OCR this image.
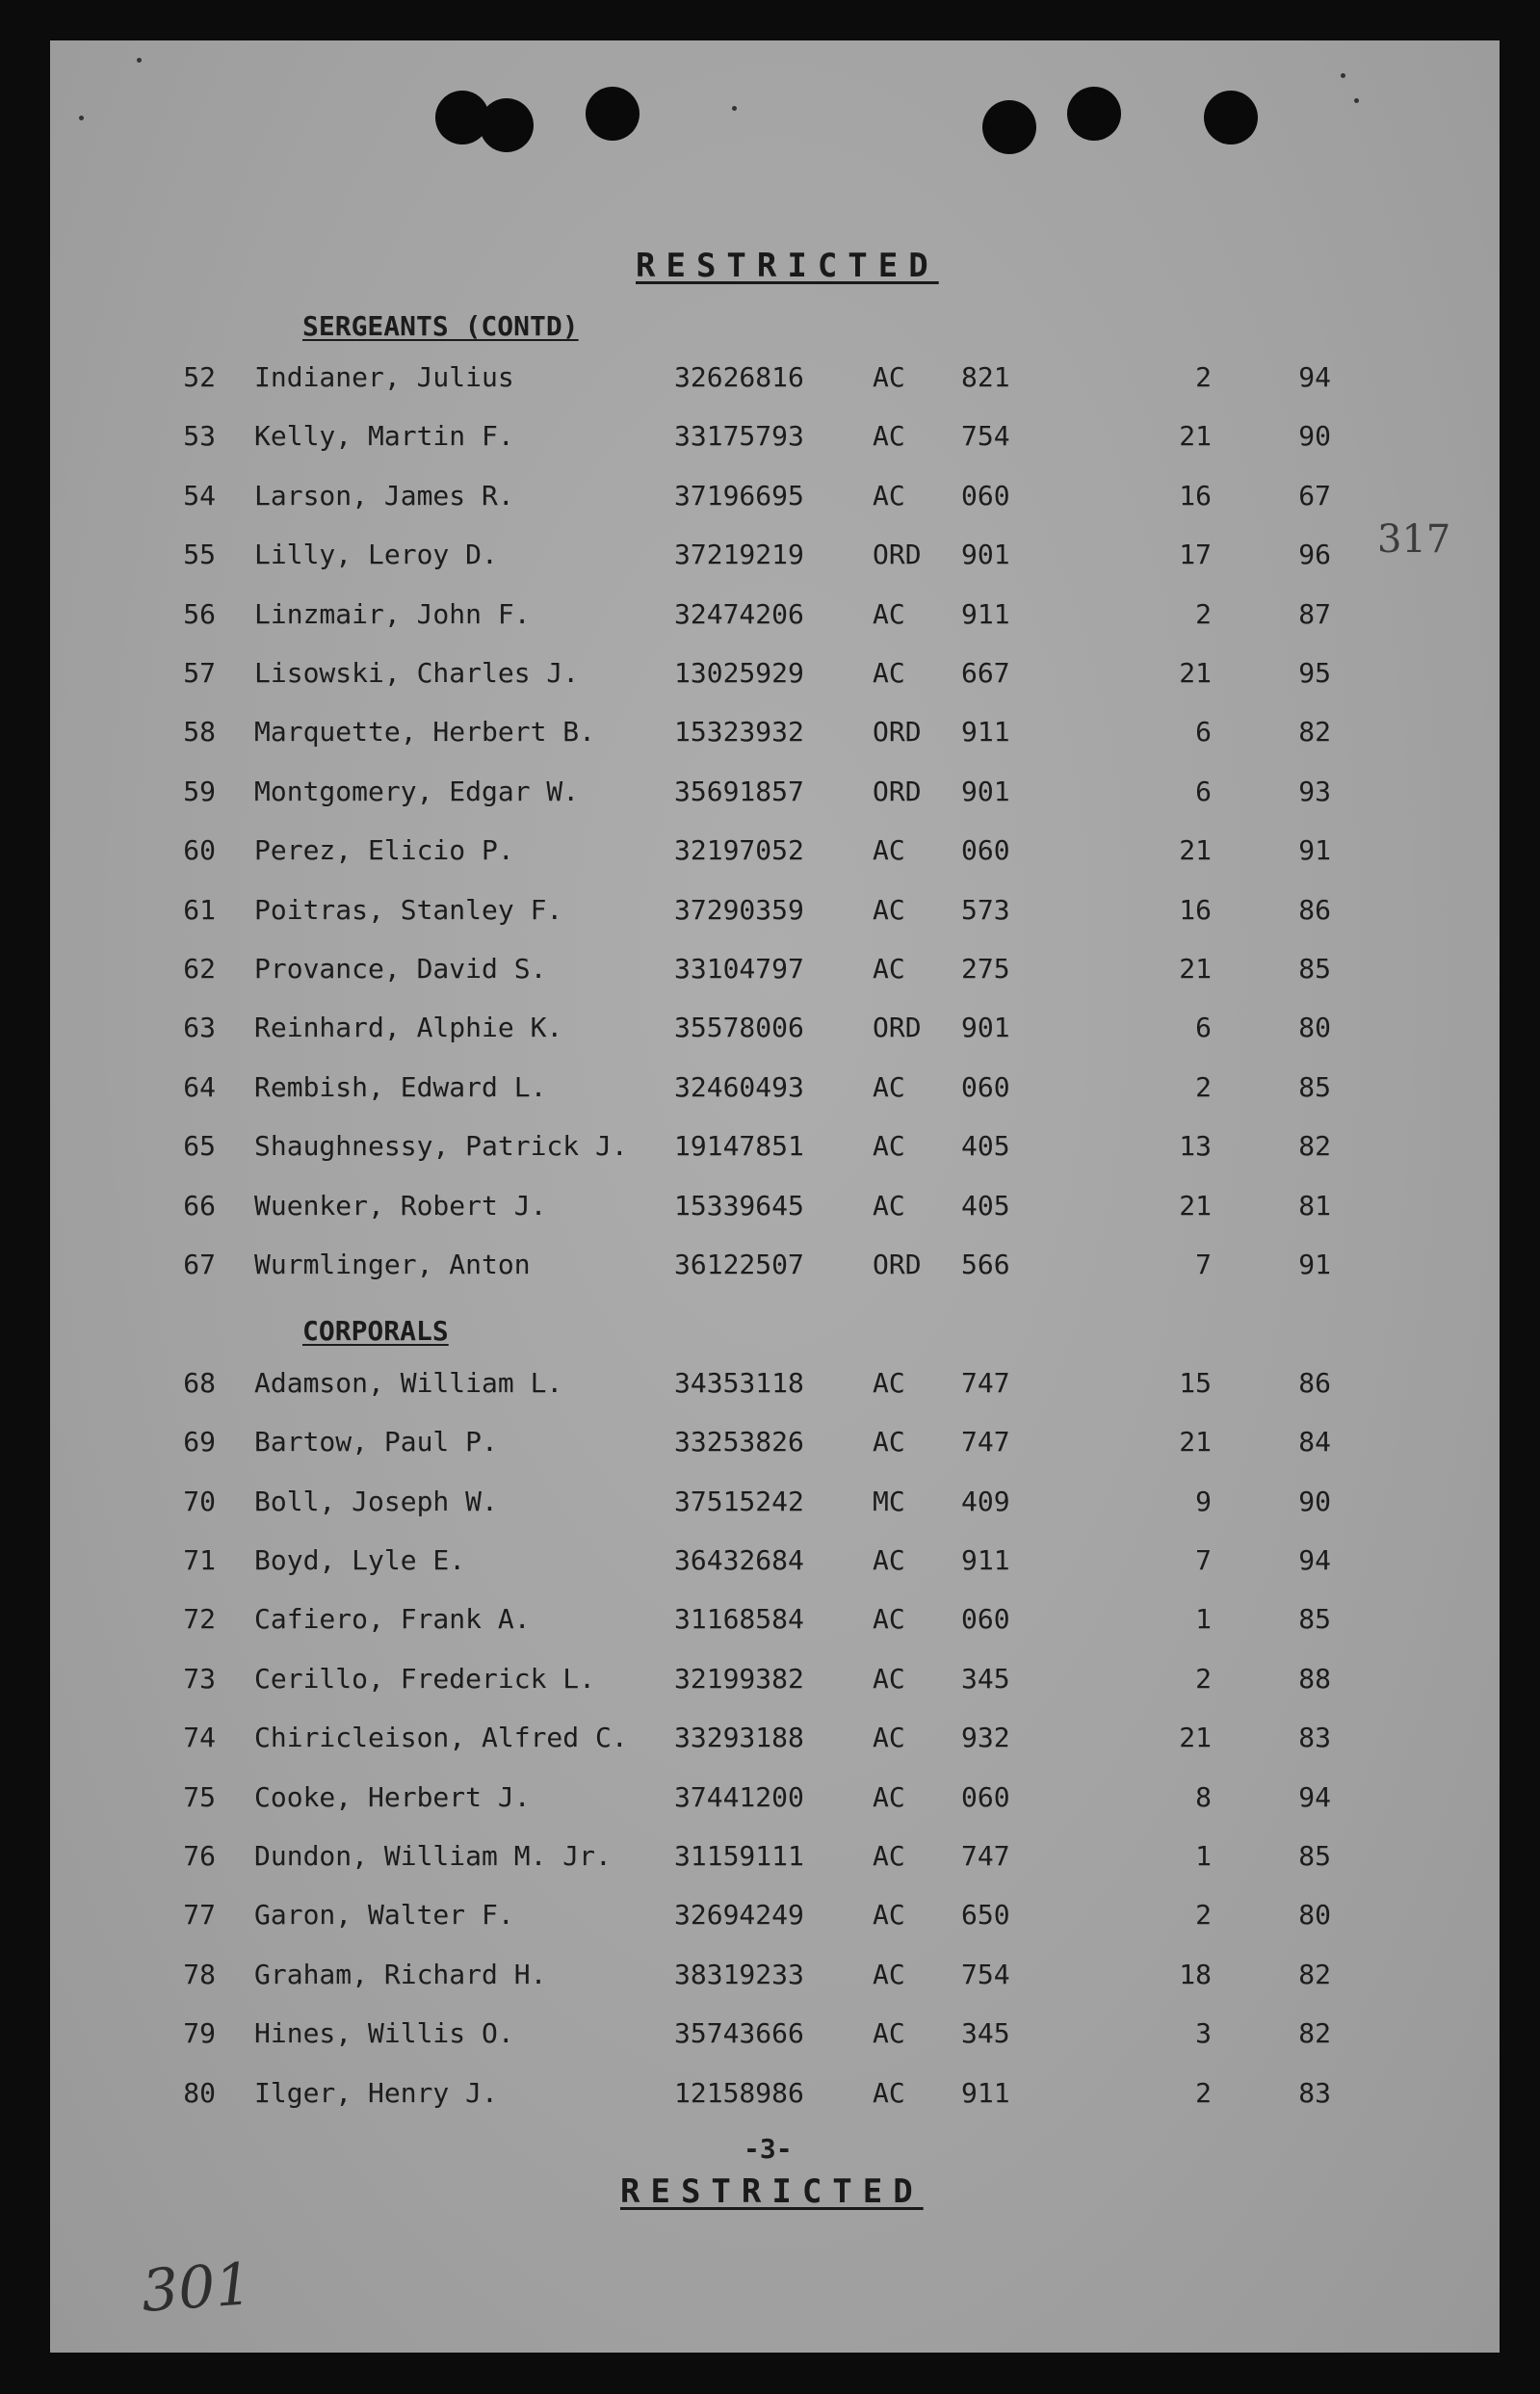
RESTRICTED
SERGEANTS (CONTD)
52 Indianer, Julius	32626816	AC 821	2	94
53 Kelly, Martin F.	33175793	AC 754	21	90
54 Larson, James R.	37196695	AC 060	16	67
55 Lilly, Leroy D.	37219219	ORD 901	17	96
56 Linzmair, John F.	32474206	AC 911	2	87
57 Lisowski, Charles J.	13025929	AC 667	21	95
58 Marquette, Herbert B.	15323932	ORD 911	6	82
59 Montgomery, Edgar W.	35691857	ORD 901	6	93
60 Perez, Elicio P.	32197052	AC 060	21	91
61 Poitras, Stanley F.	37290359	AC 573	16	86
62 Provance, David S.	33104797	AC 275	21	85
63 Reinhard, Alphie K.	35578006	ORD 901	6	80
64 Rembish, Edward L.	32460493	AC 060	2	85
65 Shaughnessy, Patrick J. 19147851	AC 405	13	82
66 Wuenker, Robert J.	15339645	AC 405	21	81
67 Wurmlinger, Anton	36122507	ORD 566	7	91
CORPORALS
68 Adamson, William L.	34353118	AC 747	15	86
69 Bartow, Paul P.	33253826	AC 747	21	84
70 Boll, Joseph W.	37515242	MC 409	9	90
71 Boyd, Lyle E.	36432684	AC 911	7	94
72 Cafiero, Frank A.	31168584	AC 060	1	85
73 Cerillo, Frederick L.	32199382	AC 345	2	88
74 Chiricleison, Alfred C. 33293188	AC 932	21	83
75 Cooke, Herbert J.	37441200	AC 060	8	94
76 Dundon, William M. Jr. 31159111	AC 747	1	85
77 Garon, Walter F.	32694249	AC 650	2	80
78 Graham, Richard H.	38319233	AC 754	18	82
79 Hines, Willis O.	35743666	AC 345	3	82
80 Ilger, Henry J.	12158986	AC 911	2	83
317
-3-
RESTRICTED
301
